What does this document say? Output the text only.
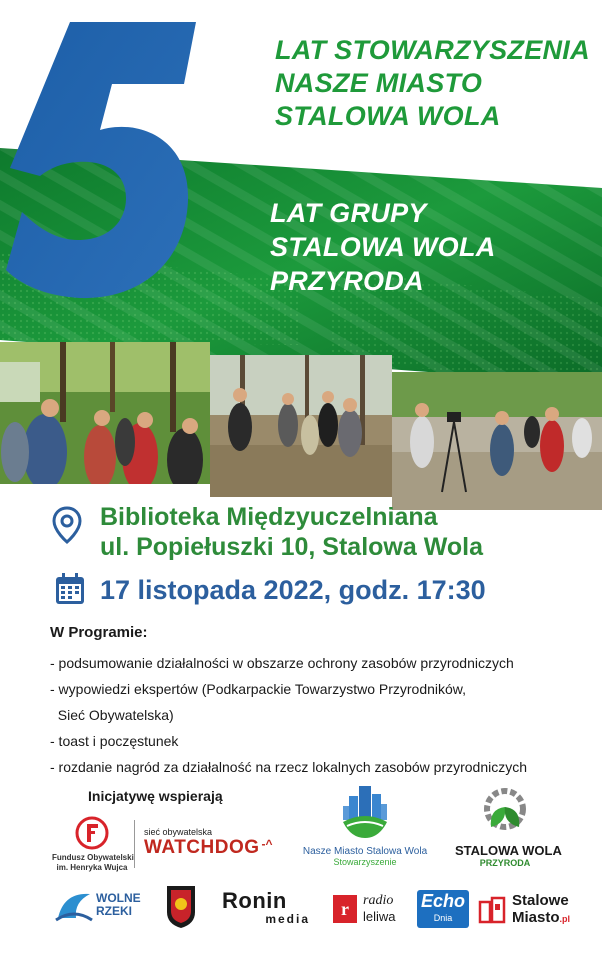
LAT STOWARZYSZENIA
NASZE MIASTO
STALOWA WOLA
LAT GRUPY
STALOWA WOLA
PRZYRODA
Biblioteka Międzyuczelniana
ul. Popiełuszki 10, Stalowa Wola
17 listopada 2022, godz. 17:30
W Programie:
- podsumowanie działalności w obszarze ochrony zasobów przyrodniczych
- wypowiedzi ekspertów (Podkarpackie Towarzystwo Przyrodników,
Sieć Obywatelska)
- toast i poczęstunek
- rozdanie nagród za działalność na rzecz lokalnych zasobów przyrodniczych
Inicjatywę wspierają
Fundusz Obywatelski
im. Henryka Wujca
sieć obywatelska
WATCHDOG -^
Nasze Miasto Stalowa Wola
Stowarzyszenie
STALOWA WOLA
PRZYRODA
WOLNE
RZEKI	Ronin
media	r	radio
leliwa
Echo
Dnia
Stalowe
Miasto.pl
